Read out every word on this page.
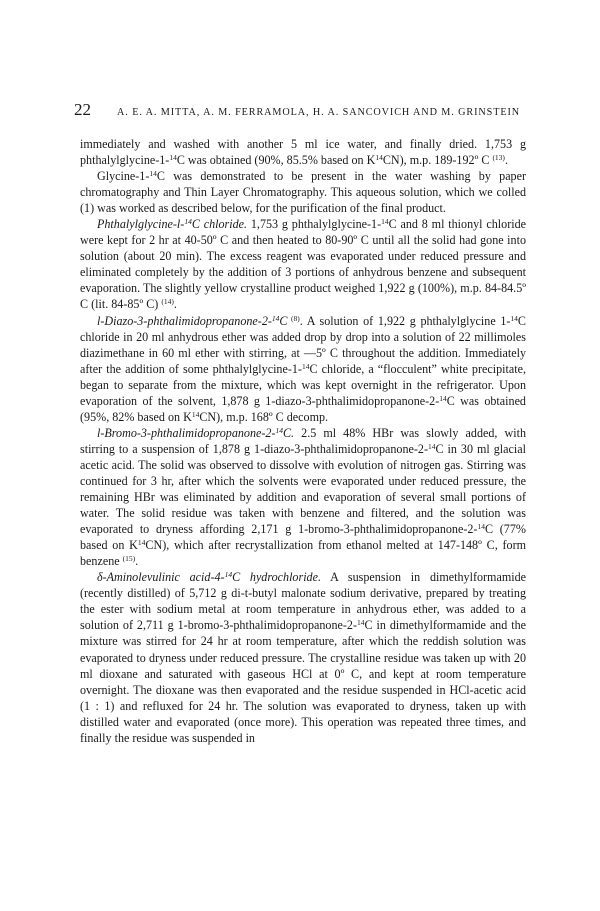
22	A. E. A. MITTA, A. M. FERRAMOLA, H. A. SANCOVICH AND M. GRINSTEIN

immediately and washed with another 5 ml ice water, and finally dried. 1,753 g phthalylglycine-1-$^{14}$C was obtained (90%, 85.5% based on $K^{14}CN$), m.p. 189-192º C $^{(13)}$.

Glycine-1-$^{14}$C was demonstrated to be present in the water washing by paper chromatography and Thin Layer Chromatography. This aqueous solution, which we colled (1) was worked as described below, for the purification of the final product.

Phthalylglycine-l-$^{14}$C chloride. 1,753 g phthalylglycine-1-$^{14}$C and 8 ml thionyl chloride were kept for 2 hr at 40-50º C and then heated to 80-90º C until all the solid had gone into solution (about 20 min). The excess reagent was evaporated under reduced pressure and eliminated completely by the addition of 3 portions of anhydrous benzene and subsequent evaporation. The slightly yellow crystalline product weighed 1,922 g (100%), m.p. 84-84.5º C (lit. 84-85º C) $^{(14)}$.

l-Diazo-3-phthalimidopropanone-2-$^{14}$C $^{(8)}$. A solution of 1,922 g phthalylglycine 1-$^{14}$C chloride in 20 ml anhydrous ether was added drop by drop into a solution of 22 millimoles diazimethane in 60 ml ether with stirring, at —5º C throughout the addition. Immediately after the addition of some phthalylglycine-1-$^{14}$C chloride, a “flocculent” white precipitate, began to separate from the mixture, which was kept overnight in the refrigerator. Upon evaporation of the solvent, 1,878 g 1-diazo-3-phthalimidopropanone-2-$^{14}$C was obtained (95%, 82% based on $K^{14}CN$), m.p. 168º C decomp.

l-Bromo-3-phthalimidopropanone-2-$^{14}$C. 2.5 ml 48% HBr was slowly added, with stirring to a suspension of 1,878 g 1-diazo-3-phthalimidopropanone-2-$^{14}$C in 30 ml glacial acetic acid. The solid was observed to dissolve with evolution of nitrogen gas. Stirring was continued for 3 hr, after which the solvents were evaporated under reduced pressure, the remaining HBr was eliminated by addition and evaporation of several small portions of water. The solid residue was taken with benzene and filtered, and the solution was evaporated to dryness affording 2,171 g 1-bromo-3-phthalimidopropanone-2-$^{14}$C (77% based on $K^{14}CN$), which after recrystallization from ethanol melted at 147-148º C, form benzene $^{(15)}$.

δ-Aminolevulinic acid-4-$^{14}$C hydrochloride. A suspension in dimethylformamide (recently distilled) of 5,712 g di-t-butyl malonate sodium derivative, prepared by treating the ester with sodium metal at room temperature in anhydrous ether, was added to a solution of 2,711 g 1-bromo-3-phthalimidopropanone-2-$^{14}$C in dimethylformamide and the mixture was stirred for 24 hr at room temperature, after which the reddish solution was evaporated to dryness under reduced pressure. The crystalline residue was taken up with 20 ml dioxane and saturated with gaseous HCl at 0º C, and kept at room temperature overnight. The dioxane was then evaporated and the residue suspended in HCl-acetic acid (1 : 1) and refluxed for 24 hr. The solution was evaporated to dryness, taken up with distilled water and evaporated (once more). This operation was repeated three times, and finally the residue was suspended in
